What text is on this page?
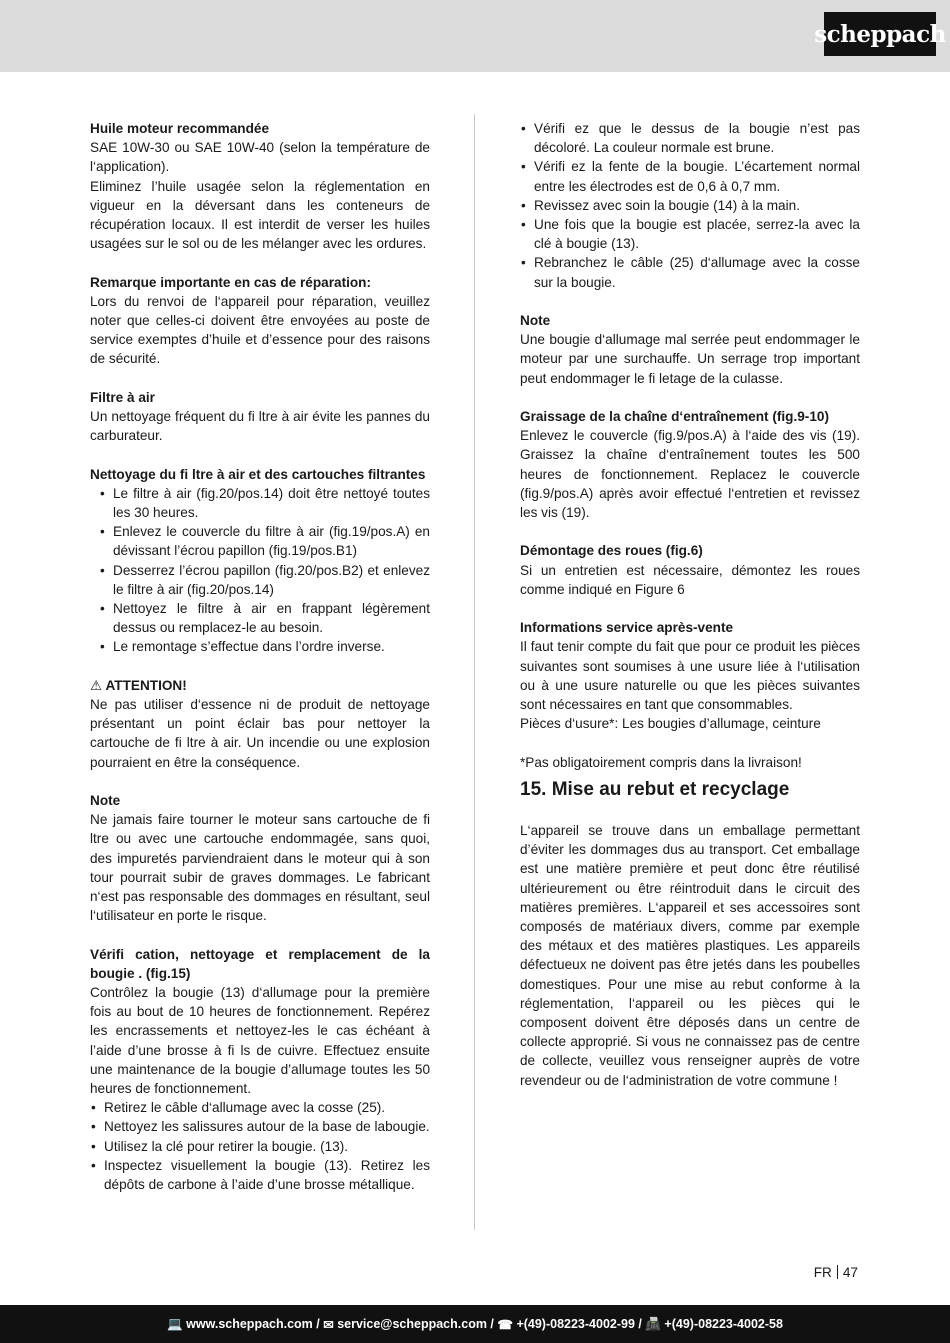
scheppach

Huile moteur recommandée

SAE 10W-30 ou SAE 10W-40 (selon la température de l‘application).

Eliminez l’huile usagée selon la réglementation en vigueur en la déversant dans les conteneurs de récupération locaux. Il est interdit de verser les huiles usagées sur le sol ou de les mélanger avec les ordures.

Remarque importante en cas de réparation:

Lors du renvoi de l‘appareil pour réparation, veuillez noter que celles-ci doivent être envoyées au poste de service exemptes d’huile et d’essence pour des raisons de sécurité.

Filtre à air

Un nettoyage fréquent du fi ltre à air évite les pannes du carburateur.

Nettoyage du fi ltre à air et des cartouches filtrantes

• Le filtre à air (fig.20/pos.14) doit être nettoyé toutes les 30 heures.
• Enlevez le couvercle du filtre à air (fig.19/pos.A) en dévissant l’écrou papillon (fig.19/pos.B1)
• Desserrez l’écrou papillon (fig.20/pos.B2) et enlevez le filtre à air (fig.20/pos.14)
• Nettoyez le filtre à air en frappant légèrement dessus ou remplacez-le au besoin.
• Le remontage s’effectue dans l’ordre inverse.

⚠ ATTENTION!

Ne pas utiliser d‘essence ni de produit de nettoyage présentant un point éclair bas pour nettoyer la cartouche de fi ltre à air. Un incendie ou une explosion pourraient en être la conséquence.

Note

Ne jamais faire tourner le moteur sans cartouche de fi ltre ou avec une cartouche endommagée, sans quoi, des impuretés parviendraient dans le moteur qui à son tour pourrait subir de graves dommages. Le fabricant n‘est pas responsable des dommages en résultant, seul l‘utilisateur en porte le risque.

Vérifi cation, nettoyage et remplacement de la bougie . (fig.15)

Contrôlez la bougie (13) d‘allumage pour la première fois au bout de 10 heures de fonctionnement. Repérez les encrassements et nettoyez-les le cas échéant à l’aide d’une brosse à fi ls de cuivre. Effectuez ensuite une maintenance de la bougie d’allumage toutes les 50 heures de fonctionnement.

• Retirez le câble d‘allumage avec la cosse (25).
• Nettoyez les salissures autour de la base de labougie.
• Utilisez la clé pour retirer la bougie. (13).
• Inspectez visuellement la bougie (13). Retirez les dépôts de carbone à l’aide d’une brosse métallique.
• Vérifi ez que le dessus de la bougie n’est pas décoloré. La couleur normale est brune.
• Vérifi ez la fente de la bougie. L’écartement normal entre les électrodes est de 0,6 à 0,7 mm.
• Revissez avec soin la bougie (14) à la main.
• Une fois que la bougie est placée, serrez-la avec la clé à bougie (13).
• Rebranchez le câble (25) d‘allumage avec la cosse sur la bougie.

Note

Une bougie d‘allumage mal serrée peut endommager le moteur par une surchauffe. Un serrage trop important peut endommager le fi letage de la culasse.

Graissage de la chaîne d‘entraînement (fig.9-10)

Enlevez le couvercle (fig.9/pos.A) à l‘aide des vis (19). Graissez la chaîne d‘entraînement toutes les 500 heures de fonctionnement. Replacez le couvercle (fig.9/pos.A) après avoir effectué l‘entretien et revissez les vis (19).

Démontage des roues (fig.6)

Si un entretien est nécessaire, démontez les roues comme indiqué en Figure 6

Informations service après-vente

Il faut tenir compte du fait que pour ce produit les pièces suivantes sont soumises à une usure liée à l‘utilisation ou à une usure naturelle ou que les pièces suivantes sont nécessaires en tant que consommables.

Pièces d‘usure*: Les bougies d’allumage, ceinture

*Pas obligatoirement compris dans la livraison!

15. Mise au rebut et recyclage

L‘appareil se trouve dans un emballage permettant d’éviter les dommages dus au transport. Cet emballage est une matière première et peut donc être réutilisé ultérieurement ou être réintroduit dans le circuit des matières premières. L‘appareil et ses accessoires sont composés de matériaux divers, comme par exemple des métaux et des matières plastiques. Les appareils défectueux ne doivent pas être jetés dans les poubelles domestiques. Pour une mise au rebut conforme à la réglementation, l‘appareil ou les pièces qui le composent doivent être déposés dans un centre de collecte approprié. Si vous ne connaissez pas de centre de collecte, veuillez vous renseigner auprès de votre revendeur ou de l‘administration de votre commune !

FR 47
💻
www.scheppach.com / ✉
service@scheppach.com / ☎
+(49)-08223-4002-99 / 📠
+(49)-08223-4002-58
